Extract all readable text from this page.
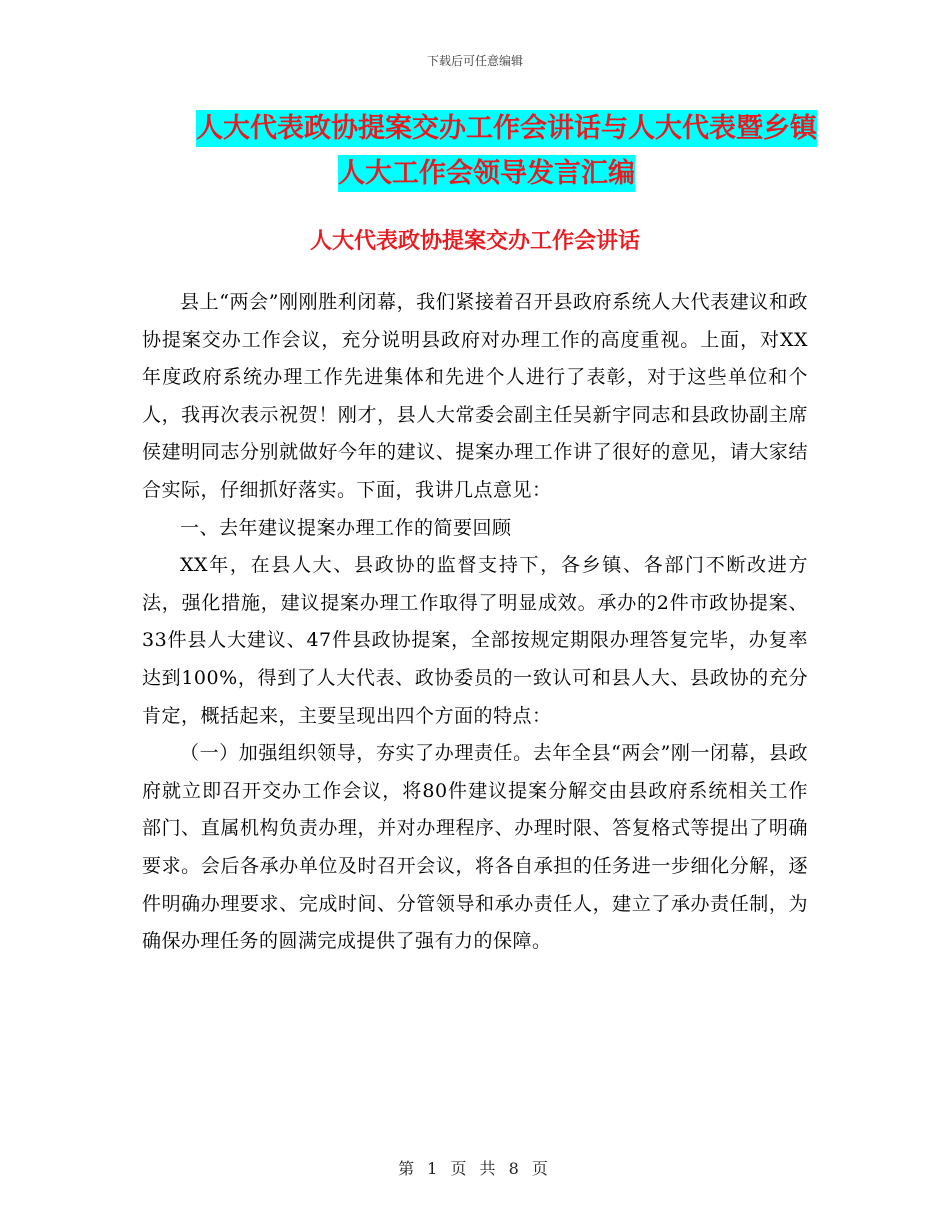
下载后可任意编辑
人大代表政协提案交办工作会讲话与人大代表暨乡镇
人大工作会领导发言汇编
人大代表政协提案交办工作会讲话

县上“两会”刚刚胜利闭幕，我们紧接着召开县政府系统人大代表建议和政协提案交办工作会议，充分说明县政府对办理工作的高度重视。上面，对XX年度政府系统办理工作先进集体和先进个人进行了表彰，对于这些单位和个人，我再次表示祝贺！刚才，县人大常委会副主任吴新宇同志和县政协副主席侯建明同志分别就做好今年的建议、提案办理工作讲了很好的意见，请大家结合实际，仔细抓好落实。下面，我讲几点意见：

一、去年建议提案办理工作的简要回顾

XX年，在县人大、县政协的监督支持下，各乡镇、各部门不断改进方法，强化措施，建议提案办理工作取得了明显成效。承办的2件市政协提案、33件县人大建议、47件县政协提案，全部按规定期限办理答复完毕，办复率达到100%，得到了人大代表、政协委员的一致认可和县人大、县政协的充分肯定，概括起来，主要呈现出四个方面的特点：

（一）加强组织领导，夯实了办理责任。去年全县“两会”刚一闭幕，县政府就立即召开交办工作会议，将80件建议提案分解交由县政府系统相关工作部门、直属机构负责办理，并对办理程序、办理时限、答复格式等提出了明确要求。会后各承办单位及时召开会议，将各自承担的任务进一步细化分解，逐件明确办理要求、完成时间、分管领导和承办责任人，建立了承办责任制，为确保办理任务的圆满完成提供了强有力的保障。

第 1 页 共 8 页
